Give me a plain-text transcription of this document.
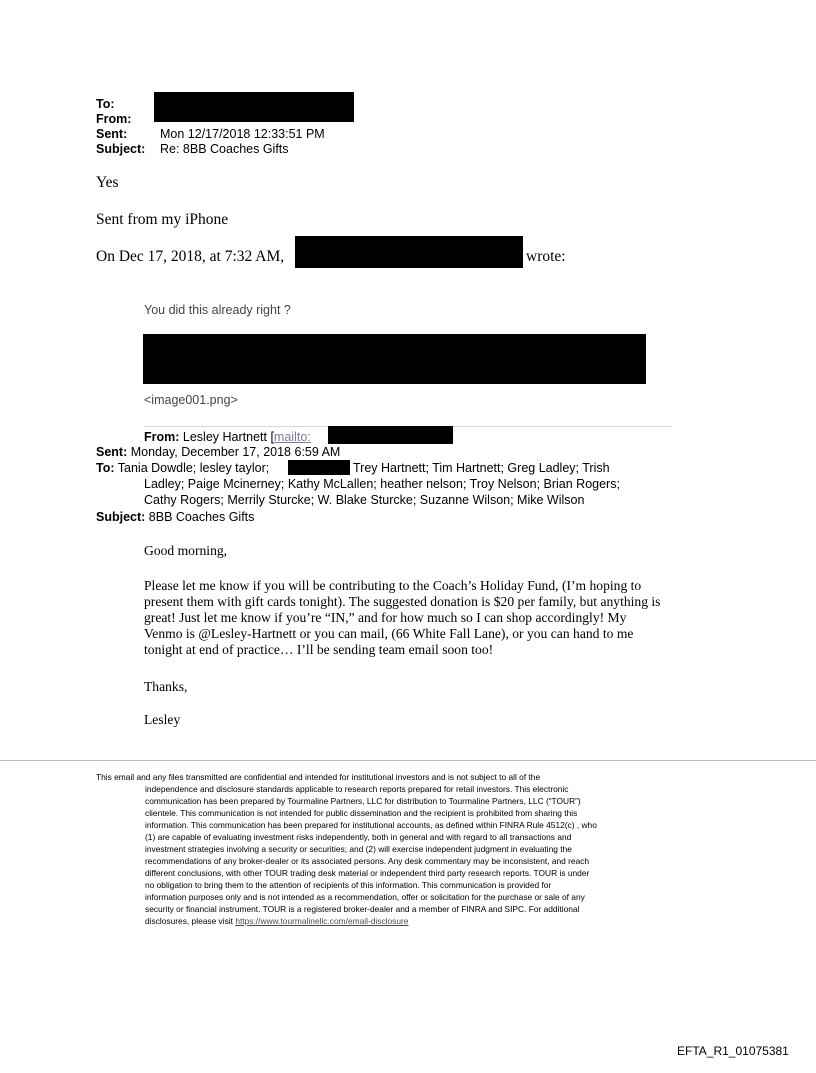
To:
From:
Sent:	Mon 12/17/2018 12:33:51 PM
Subject: Re: 8BB Coaches Gifts
Yes
Sent from my iPhone
On Dec 17, 2018, at 7:32 AM,	wrote:
You did this already right ?
<image001.png>
From: Lesley Hartnett [mailto:
Sent: Monday, December 17, 2018 6:59 AM
To: Tania Dowdle; lesley taylor;	Trey Hartnett; Tim Hartnett; Greg Ladley; Trish
Ladley; Paige Mcinerney; Kathy McLallen; heather nelson; Troy Nelson; Brian Rogers;
Cathy Rogers; Merrily Sturcke; W. Blake Sturcke; Suzanne Wilson; Mike Wilson
Subject: 8BB Coaches Gifts
Good morning,
Please let me know if you will be contributing to the Coach’s Holiday Fund, (I’m hoping to
present them with gift cards tonight). The suggested donation is $20 per family, but anything is
great! Just let me know if you’re “IN,” and for how much so I can shop accordingly! My
Venmo is @Lesley-Hartnett or you can mail, (66 White Fall Lane), or you can hand to me
tonight at end of practice… I’ll be sending team email soon too!
Thanks,
Lesley
This email and any files transmitted are confidential and intended for institutional investors and is not subject to all of the
independence and disclosure standards applicable to research reports prepared for retail investors. This electronic
communication has been prepared by Tourmaline Partners, LLC for distribution to Tourmaline Partners, LLC (“TOUR”)
clientele. This communication is not intended for public dissemination and the recipient is prohibited from sharing this
information. This communication has been prepared for institutional accounts, as defined within FINRA Rule 4512(c) , who
(1) are capable of evaluating investment risks independently, both in general and with regard to all transactions and
investment strategies involving a security or securities; and (2) will exercise independent judgment in evaluating the
recommendations of any broker-dealer or its associated persons. Any desk commentary may be inconsistent, and reach
different conclusions, with other TOUR trading desk material or independent third party research reports. TOUR is under
no obligation to bring them to the attention of recipients of this information. This communication is provided for
information purposes only and is not intended as a recommendation, offer or solicitation for the purchase or sale of any
security or financial instrument. TOUR is a registered broker-dealer and a member of FINRA and SIPC. For additional
disclosures, please visit https://www.tourmalinellc.com/email-disclosure
EFTA_R1_01075381
